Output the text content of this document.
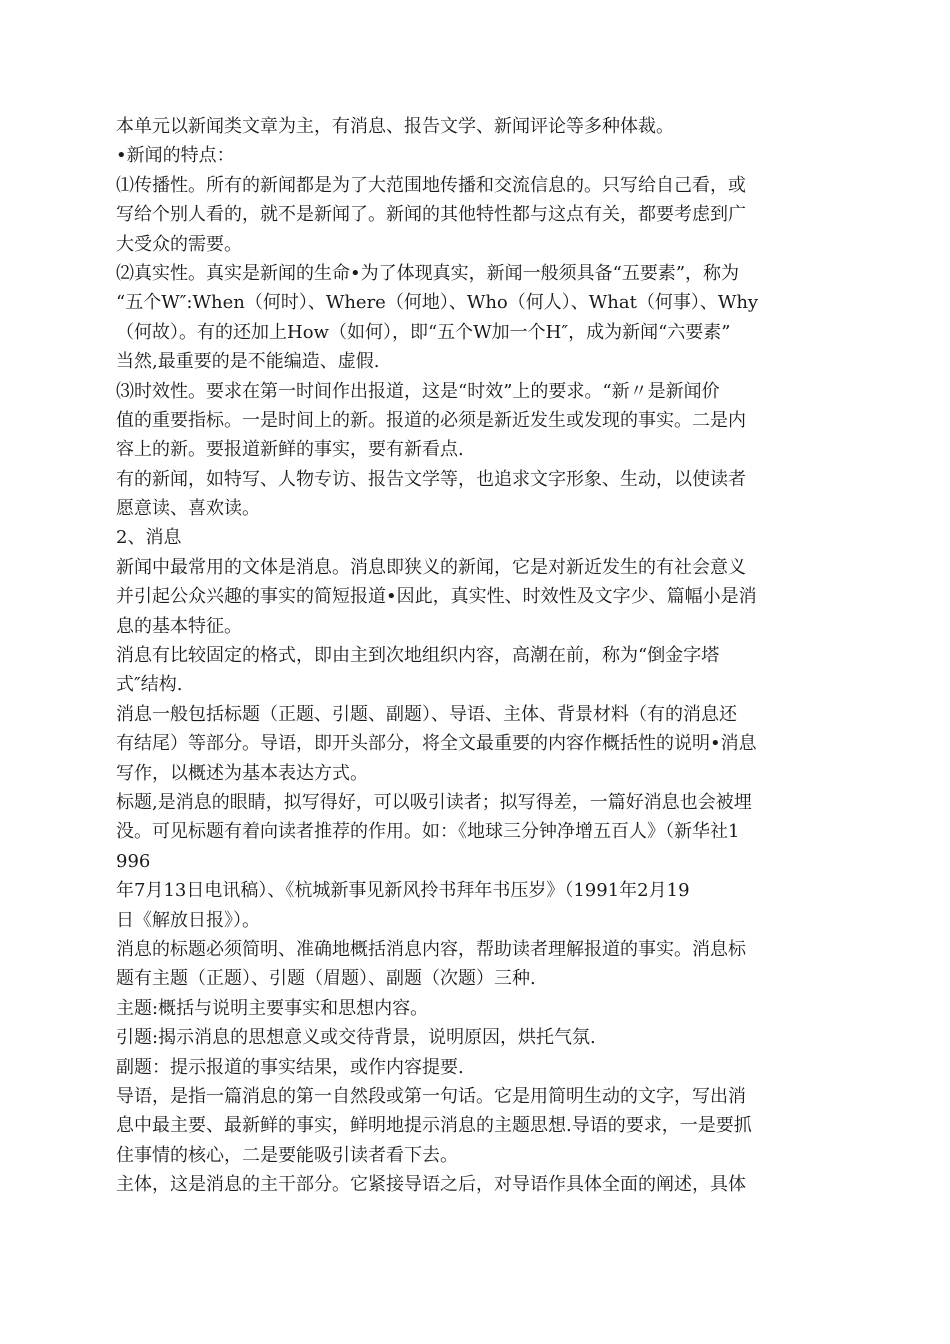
本单元以新闻类文章为主，有消息、报告文学、新闻评论等多种体裁。
•新闻的特点：
⑴传播性。所有的新闻都是为了大范围地传播和交流信息的。只写给自己看，或
写给个别人看的，就不是新闻了。新闻的其他特性都与这点有关，都要考虑到广
大受众的需要。
⑵真实性。真实是新闻的生命•为了体现真实，新闻一般须具备“五要素”，称为
“五个W″:When（何时）、Where（何地）、Who（何人）、What（何事）、Why
（何故）。有的还加上How（如何），即“五个W加一个H″，成为新闻“六要素”
当然,最重要的是不能编造、虚假.
⑶时效性。要求在第一时间作出报道，这是“时效”上的要求。“新〃是新闻价
值的重要指标。一是时间上的新。报道的必须是新近发生或发现的事实。二是内
容上的新。要报道新鲜的事实，要有新看点.
有的新闻，如特写、人物专访、报告文学等，也追求文字形象、生动，以使读者
愿意读、喜欢读。
2、消息
新闻中最常用的文体是消息。消息即狭义的新闻，它是对新近发生的有社会意义
并引起公众兴趣的事实的简短报道•因此，真实性、时效性及文字少、篇幅小是消
息的基本特征。
消息有比较固定的格式，即由主到次地组织内容，高潮在前，称为“倒金字塔
式″结构.
消息一般包括标题（正题、引题、副题）、导语、主体、背景材料（有的消息还
有结尾）等部分。导语，即开头部分，将全文最重要的内容作概括性的说明•消息
写作，以概述为基本表达方式。
标题,是消息的眼睛，拟写得好，可以吸引读者；拟写得差，一篇好消息也会被埋
没。可见标题有着向读者推荐的作用。如：《地球三分钟净增五百人》（新华社1
996
年7月13日电讯稿）、《杭城新事见新风拎书拜年书压岁》（1991年2月19
日《解放日报》）。
消息的标题必须简明、准确地概括消息内容，帮助读者理解报道的事实。消息标
题有主题（正题）、引题（眉题）、副题（次题）三种.
主题:概括与说明主要事实和思想内容。
引题:揭示消息的思想意义或交待背景，说明原因，烘托气氛.
副题：提示报道的事实结果，或作内容提要.
导语，是指一篇消息的第一自然段或第一句话。它是用简明生动的文字，写出消
息中最主要、最新鲜的事实，鲜明地提示消息的主题思想.导语的要求，一是要抓
住事情的核心，二是要能吸引读者看下去。
主体，这是消息的主干部分。它紧接导语之后，对导语作具体全面的阐述，具体
